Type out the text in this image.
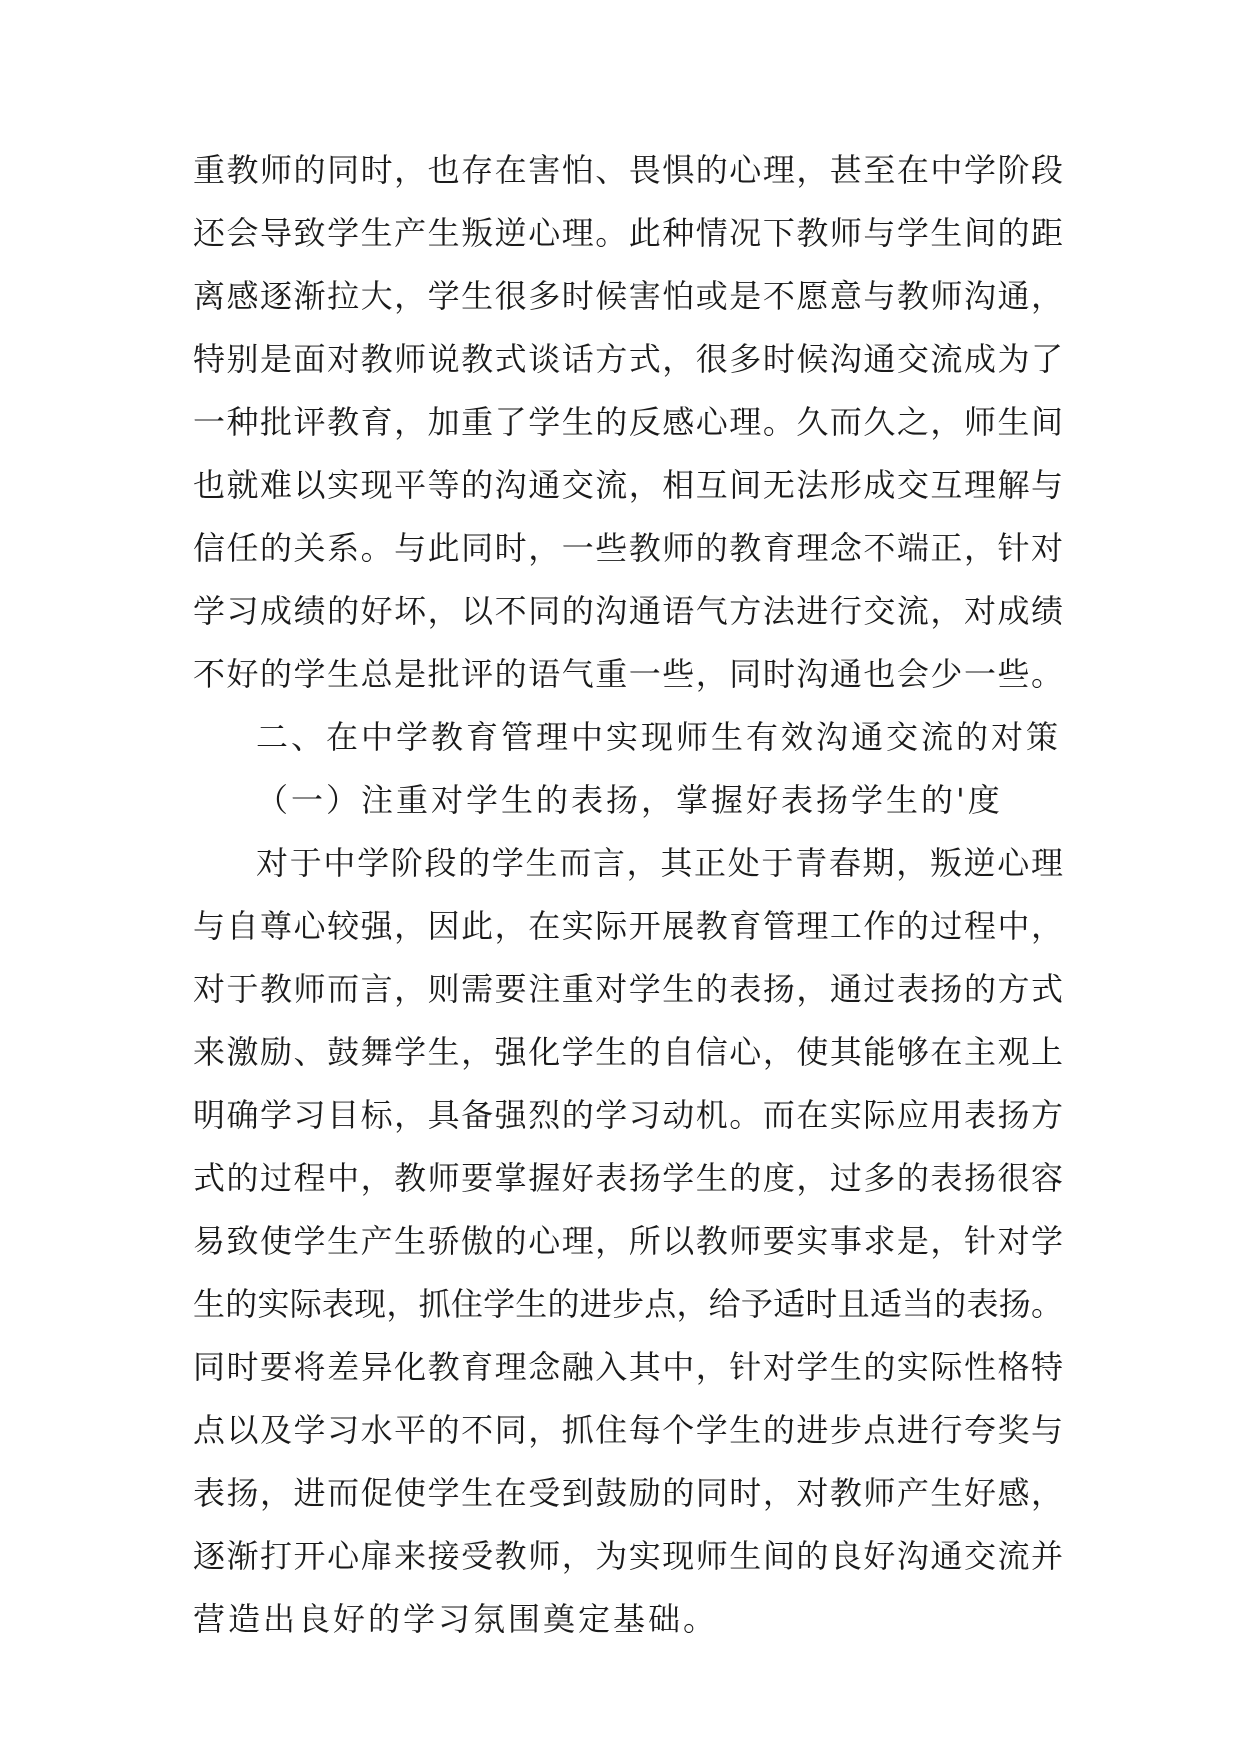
重教师的同时，也存在害怕、畏惧的心理，甚至在中学阶段
还会导致学生产生叛逆心理。此种情况下教师与学生间的距
离感逐渐拉大，学生很多时候害怕或是不愿意与教师沟通，
特别是面对教师说教式谈话方式，很多时候沟通交流成为了
一种批评教育，加重了学生的反感心理。久而久之，师生间
也就难以实现平等的沟通交流，相互间无法形成交互理解与
信任的关系。与此同时，一些教师的教育理念不端正，针对
学习成绩的好坏，以不同的沟通语气方法进行交流，对成绩
不好的学生总是批评的语气重一些，同时沟通也会少一些。
二、在中学教育管理中实现师生有效沟通交流的对策
（一）注重对学生的表扬，掌握好表扬学生的'度
对于中学阶段的学生而言，其正处于青春期，叛逆心理
与自尊心较强，因此，在实际开展教育管理工作的过程中，
对于教师而言，则需要注重对学生的表扬，通过表扬的方式
来激励、鼓舞学生，强化学生的自信心，使其能够在主观上
明确学习目标，具备强烈的学习动机。而在实际应用表扬方
式的过程中，教师要掌握好表扬学生的度，过多的表扬很容
易致使学生产生骄傲的心理，所以教师要实事求是，针对学
生的实际表现，抓住学生的进步点，给予适时且适当的表扬。
同时要将差异化教育理念融入其中，针对学生的实际性格特
点以及学习水平的不同，抓住每个学生的进步点进行夸奖与
表扬，进而促使学生在受到鼓励的同时，对教师产生好感，
逐渐打开心扉来接受教师，为实现师生间的良好沟通交流并
营造出良好的学习氛围奠定基础。
